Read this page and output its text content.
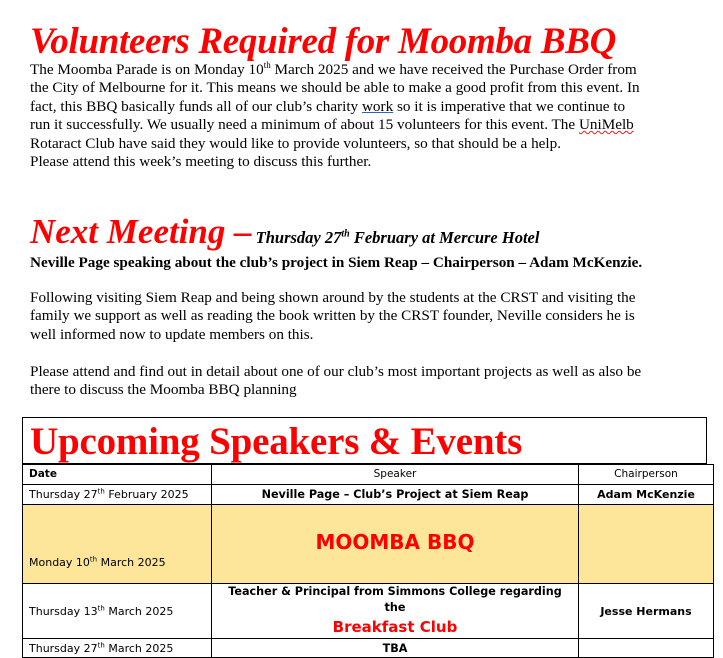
Volunteers Required for Moomba BBQ
The Moomba Parade is on Monday 10th March 2025 and we have received the Purchase Order from
the City of Melbourne for it. This means we should be able to make a good profit from this event. In
fact, this BBQ basically funds all of our club’s charity work so it is imperative that we continue to
run it successfully. We usually need a minimum of about 15 volunteers for this event. The UniMelb
Rotaract Club have said they would like to provide volunteers, so that should be a help.
Please attend this week’s meeting to discuss this further.
Next Meeting – Thursday 27th February at Mercure Hotel
Neville Page speaking about the club’s project in Siem Reap – Chairperson – Adam McKenzie.
Following visiting Siem Reap and being shown around by the students at the CRST and visiting the
family we support as well as reading the book written by the CRST founder, Neville considers he is
well informed now to update members on this.
Please attend and find out in detail about one of our club’s most important projects as well as also be
there to discuss the Moomba BBQ planning
Upcoming Speakers & Events
Date	Speaker	Chairperson
Thursday 27th February 2025	Neville Page – Club’s Project at Siem Reap	Adam McKenzie
Monday 10th March 2025	MOOMBA BBQ	
Thursday 13th March 2025	Teacher & Principal from Simmons College regarding the
Breakfast Club	Jesse Hermans
Thursday 27th March 2025	TBA	
